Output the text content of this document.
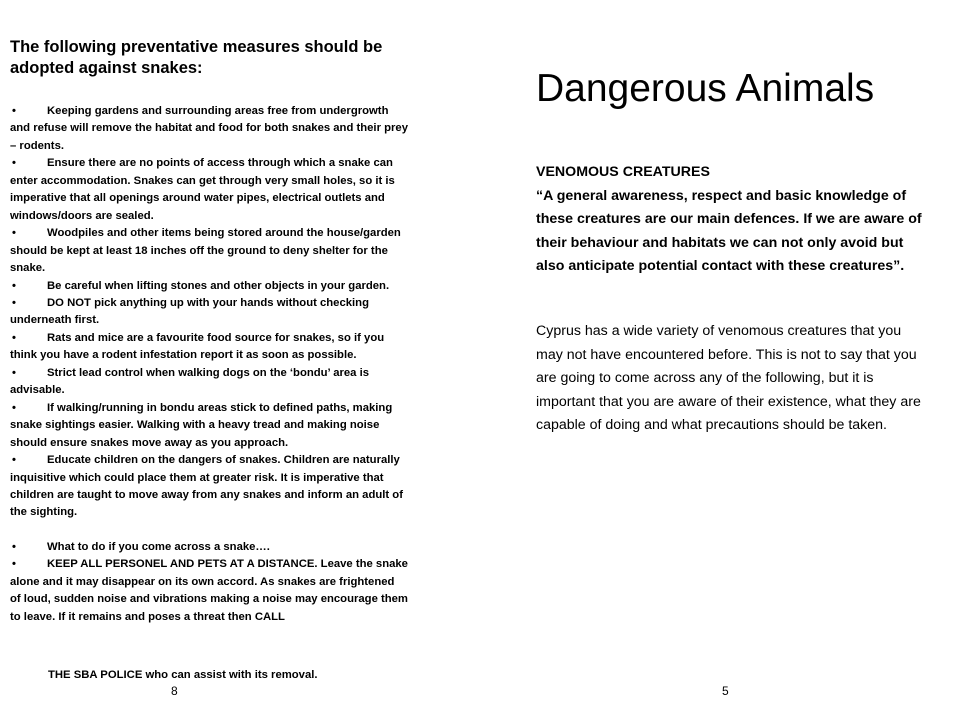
The following preventative measures should be adopted against snakes:

•	Keeping gardens and surrounding areas free from undergrowth and refuse will remove the habitat and food for both snakes and their prey – rodents.
•	Ensure there are no points of access through which a snake can enter accommodation. Snakes can get through very small holes, so it is imperative that all openings around water pipes, electrical outlets and windows/doors are sealed.
•	Woodpiles and other items being stored around the house/garden should be kept at least 18 inches off the ground to deny shelter for the snake.
•	Be careful when lifting stones and other objects in your garden.
•	DO NOT pick anything up with your hands without checking underneath first.
•	Rats and mice are a favourite food source for snakes, so if you think you have a rodent infestation report it as soon as possible.
•	Strict lead control when walking dogs on the ‘bondu’ area is advisable.
•	If walking/running in bondu areas stick to defined paths, making snake sightings easier. Walking with a heavy tread and making noise should ensure snakes move away as you approach.
•	Educate children on the dangers of snakes. Children are naturally inquisitive which could place them at greater risk. It is imperative that children are taught to move away from any snakes and inform an adult of the sighting.
•	What to do if you come across a snake….
•	KEEP ALL PERSONEL AND PETS AT A DISTANCE. Leave the snake alone and it may disappear on its own accord. As snakes are frightened of loud, sudden noise and vibrations making a noise may encourage them to leave. If it remains and poses a threat then CALL

THE SBA POLICE who can assist with its removal.

8
Dangerous Animals
VENOMOUS CREATURES
“A general awareness, respect and basic knowledge of these creatures are our main defences. If we are aware of their behaviour and habitats we can not only avoid but also anticipate potential contact with these creatures”.

Cyprus has a wide variety of venomous creatures that you may not have encountered before. This is not to say that you are going to come across any of the following, but it is important that you are aware of their existence, what they are capable of doing and what precautions should be taken.

5
